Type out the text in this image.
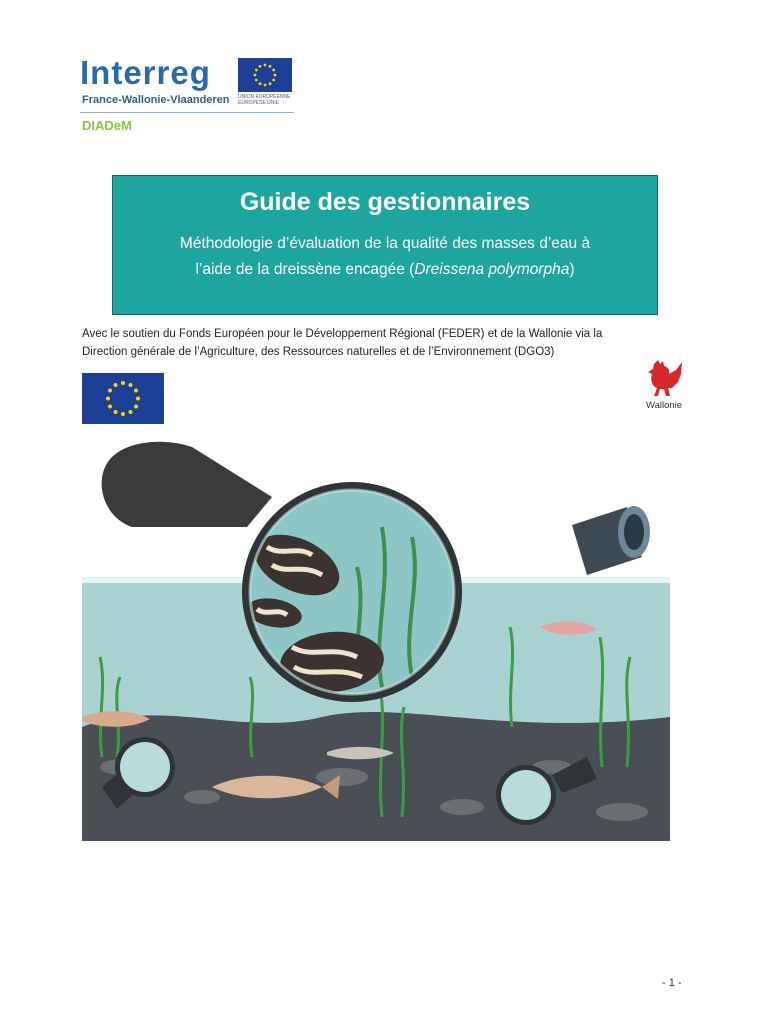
Interreg
France-Wallonie-Vlaanderen UNION EUROPÉENNE EUROPESE UNIE
DIADeM
Guide des gestionnaires
Méthodologie d’évaluation de la qualité des masses d’eau à
l’aide de la dreissène encagée (Dreissena polymorpha)
Avec le soutien du Fonds Européen pour le Développement Régional (FEDER) et de la Wallonie via la
Direction générale de l’Agriculture, des Ressources naturelles et de l’Environnement (DGO3)
Wallonie
- 1 -
